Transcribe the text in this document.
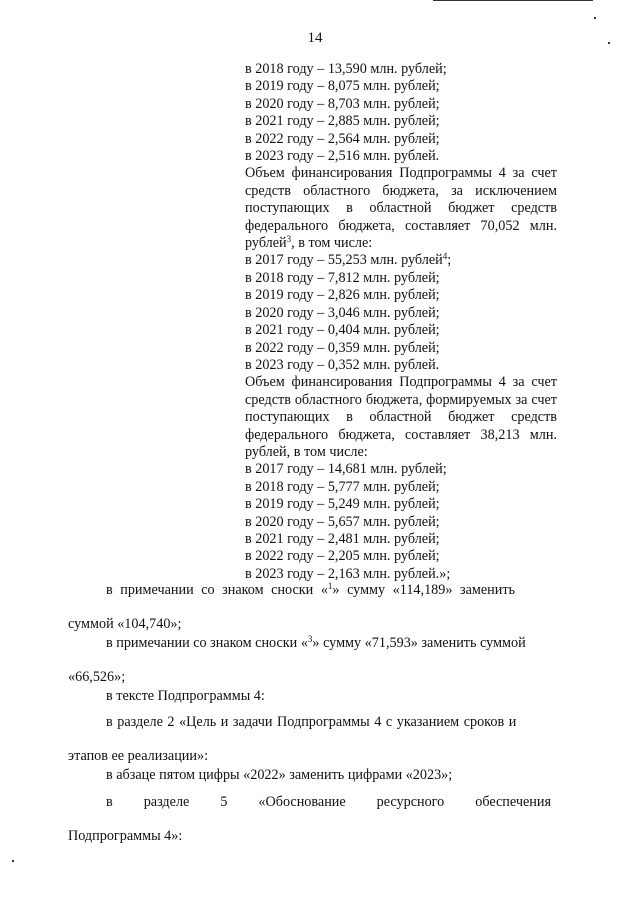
14

в 2018 году – 13,590 млн. рублей;

в 2019 году – 8,075 млн. рублей;

в 2020 году – 8,703 млн. рублей;

в 2021 году – 2,885 млн. рублей;

в 2022 году – 2,564 млн. рублей;

в 2023 году – 2,516 млн. рублей.

Объем финансирования Подпрограммы 4 за счет средств областного бюджета, за исключением поступающих в областной бюджет средств федерального бюджета, составляет 70,052 млн. рублей$^3$, в том числе:

в 2017 году – 55,253 млн. рублей$^4$;

в 2018 году – 7,812 млн. рублей;

в 2019 году – 2,826 млн. рублей;

в 2020 году – 3,046 млн. рублей;

в 2021 году – 0,404 млн. рублей;

в 2022 году – 0,359 млн. рублей;

в 2023 году – 0,352 млн. рублей.

Объем финансирования Подпрограммы 4 за счет средств областного бюджета, формируемых за счет поступающих в областной бюджет средств федерального бюджета, составляет 38,213 млн. рублей, в том числе:

в 2017 году – 14,681 млн. рублей;

в 2018 году – 5,777 млн. рублей;

в 2019 году – 5,249 млн. рублей;

в 2020 году – 5,657 млн. рублей;

в 2021 году – 2,481 млн. рублей;

в 2022 году – 2,205 млн. рублей;

в 2023 году – 2,163 млн. рублей.»;

в примечании со знаком сноски «$^1$» сумму «114,189» заменить

суммой «104,740»;

в примечании со знаком сноски «$^3$» сумму «71,593» заменить суммой

«66,526»;

в тексте Подпрограммы 4:

в разделе 2 «Цель и задачи Подпрограммы 4 с указанием сроков и

этапов ее реализации»:

в абзаце пятом цифры «2022» заменить цифрами «2023»;

в разделе 5 «Обоснование ресурсного обеспечения

Подпрограммы 4»:
